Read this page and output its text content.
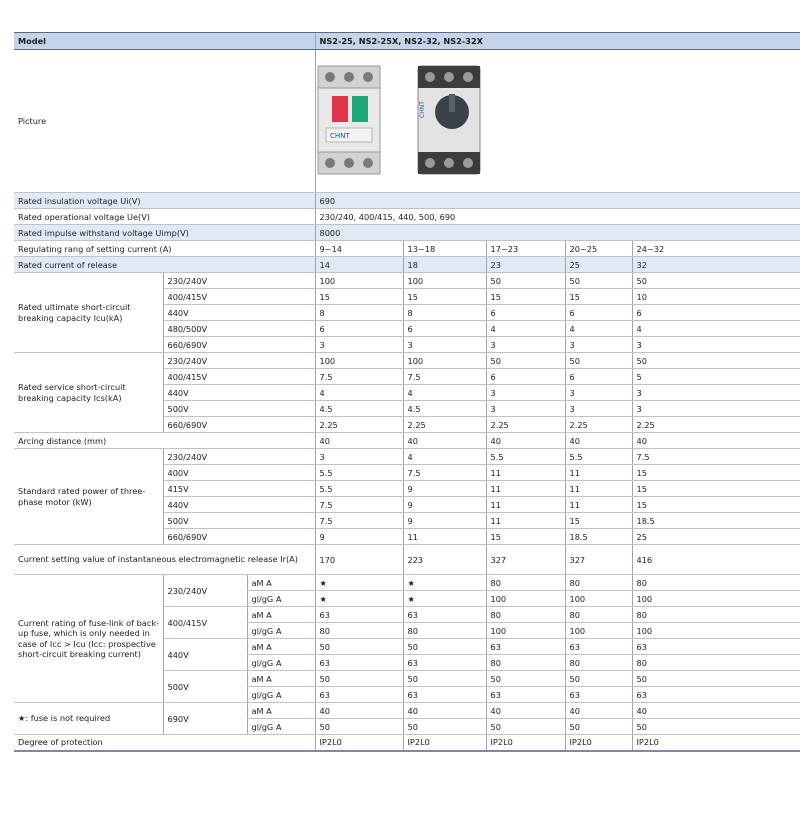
Model			NS2-25, NS2-25X, NS2-32, NS2-32X				
Picture			CHNT
CHNT				

Rated insulation voltage Ui(V)			690				
Rated operational voltage Ue(V)			230/240, 400/415, 440, 500, 690				
Rated impulse withstand voltage Uimp(V)			8000				
Regulating rang of setting current (A)			9~14	13~18	17~23	20~25	24~32
Rated current of release			14	18	23	25	32
Rated ultimate short-circuit breaking capacity Icu(kA)	230/240V		100	100	50	50	50
	400/415V		15	15	15	15	10
	440V		8	8	6	6	6
	480/500V		6	6	4	4	4
	660/690V		3	3	3	3	3
Rated service short-circuit breaking capacity Ics(kA)	230/240V		100	100	50	50	50
	400/415V		7.5	7.5	6	6	5
	440V		4	4	3	3	3
	500V		4.5	4.5	3	3	3
	660/690V		2.25	2.25	2.25	2.25	2.25
Arcing distance (mm)			40	40	40	40	40
Standard rated power of three-phase motor (kW)	230/240V		3	4	5.5	5.5	7.5
	400V		5.5	7.5	11	11	15
	415V		5.5	9	11	11	15
	440V		7.5	9	11	11	15
	500V		7.5	9	11	15	18.5
	660/690V		9	11	15	18.5	25
Current setting value of instantaneous electromagnetic release Ir(A)			170	223	327	327	416
Current rating of fuse-link of back-up fuse, which is only needed in case of Icc > Icu (Icc: prospective short-circuit breaking current)	230/240V	aM A	★	★	80	80	80
		gl/gG A	★	★	100	100	100
	400/415V	aM A	63	63	80	80	80
		gl/gG A	80	80	100	100	100
	440V	aM A	50	50	63	63	63
		gl/gG A	63	63	80	80	80
	500V	aM A	50	50	50	50	50
		gl/gG A	63	63	63	63	63
★: fuse is not required	690V	aM A	40	40	40	40	40
		gl/gG A	50	50	50	50	50
Degree of protection			IP2L0	IP2L0	IP2L0	IP2L0	IP2L0
